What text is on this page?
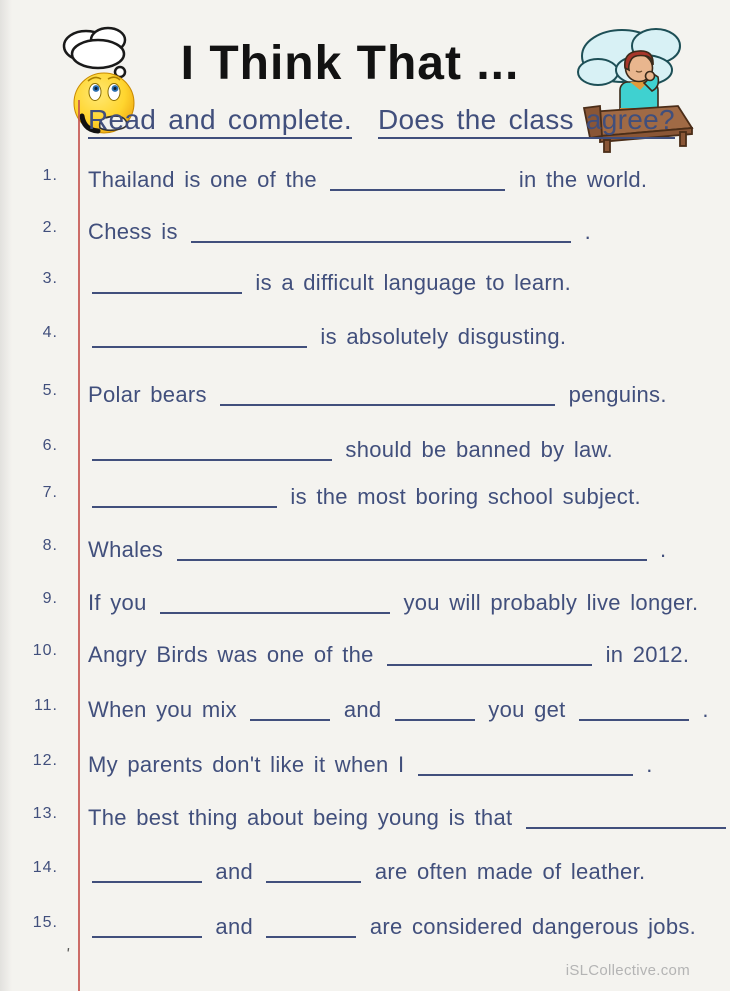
I Think That ...
Read and complete. Does the class agree?
1. Thailand is one of the	in the world.
2. Chess is	.
3.	is a difficult language to learn.
4.	is absolutely disgusting.
5. Polar bears	penguins.
6.	should be banned by law.
7.	is the most boring school subject.
8. Whales	.
9. If you	you will probably live longer.
10. Angry Birds was one of the	in 2012.
11. When you mix	and	you get	.
12. My parents don't like it when I	.
13. The best thing about being young is that
14.	and	are often made of leather.
15.	and	are considered dangerous jobs.
'
iSLCollective.com
